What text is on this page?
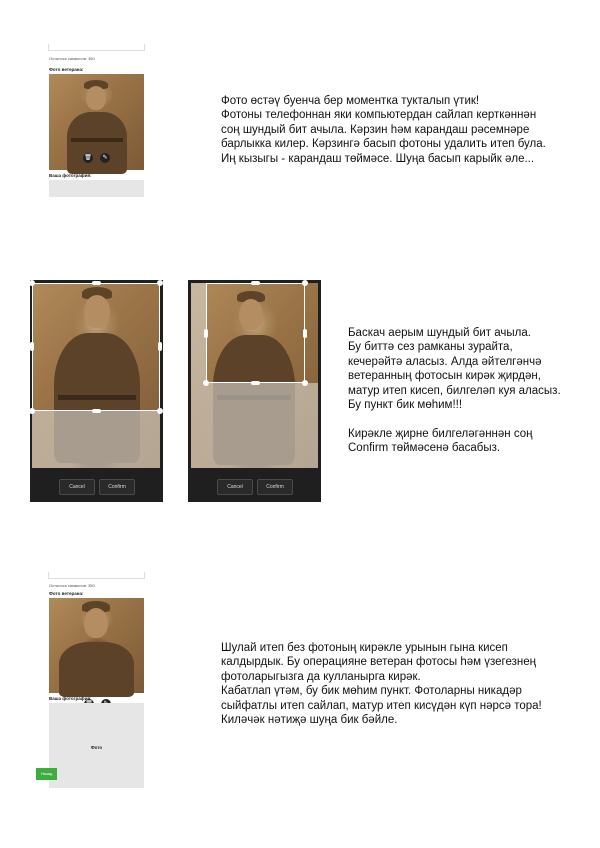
Осталось символов: 350
Фото ветерана:
🗑	✎
Ваша фотография:
Фото өстәү буенча бер моментка тукталып үтик!
Фотоны телефоннан яки компьютердан сайлап кертк​әннән
соң шундый бит ачыла. Кәрзин һәм карандаш рәсемнәре
барлыкка килер. Кәрзингә басып фотоны удалить итеп була.
Иң кызыгы - карандаш төймәсе. Шуңа басып карыйк әле...
Cancel	Confirm	Cancel	Confirm
Баскач аерым шундый бит ачыла.
Бу биттә сез рамканы зурайта,
кечерәйтә аласыз. Алда әйтелгәнчә
ветеранның фотосын кирәк җирдән,
матур итеп кисеп, билгеләп куя аласыз.
Бу пункт бик мөһим!!!

Кирәкле җирне билгеләгәннән соң
Confirm төймәсенә басабыз.
Осталось символов: 350
Фото ветерана:
Ваша фотография:
Фото
Назад
Шулай итеп без фотоның кирәкле урынын гына кисеп
калдырдык. Бу операцияне ветеран фотосы һәм үзегезнең
фотоларыгызга да кулланырга кирәк.
Кабатлап үтәм, бу бик мөһим пункт. Фотоларны никадәр
сыйфатлы итеп сайлап, матур итеп кисүдән күп нәрсә тора!
Киләчәк нәтиҗә шуңа бик бәйле.
